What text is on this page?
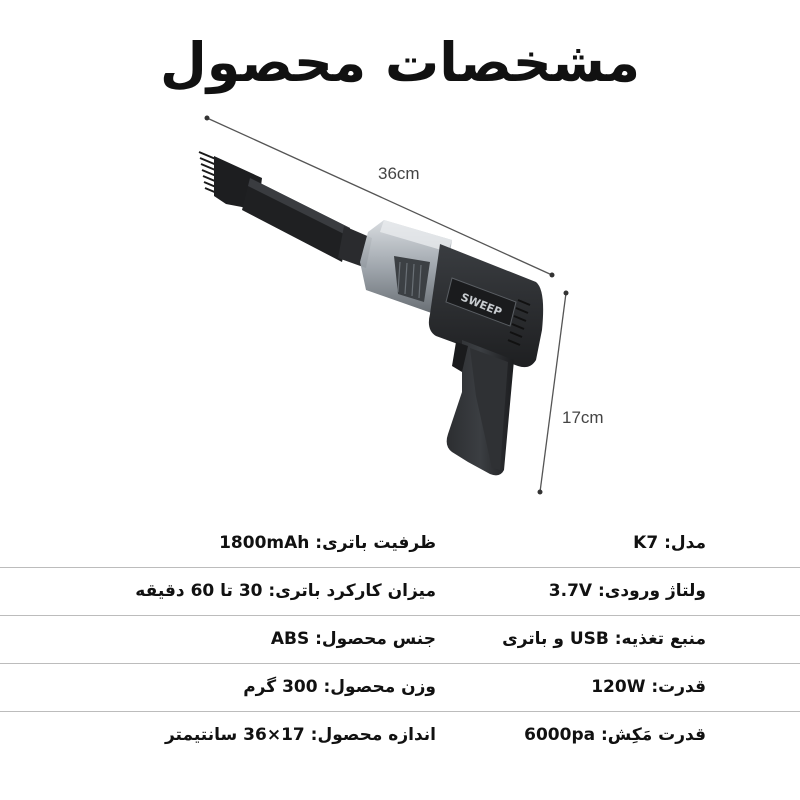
مشخصات محصول
SWEEP
36cm
17cm
مدل: K7
ظرفیت باتری: 1800mAh
ولتاژ ورودی: 3.7V
میزان کارکرد باتری: 30 تا 60 دقیقه
منبع تغذیه: USB و باتری
جنس محصول: ABS
قدرت: 120W
وزن محصول: 300 گرم
قدرت مَکِش: 6000pa
اندازه محصول: 17×36 سانتیمتر
